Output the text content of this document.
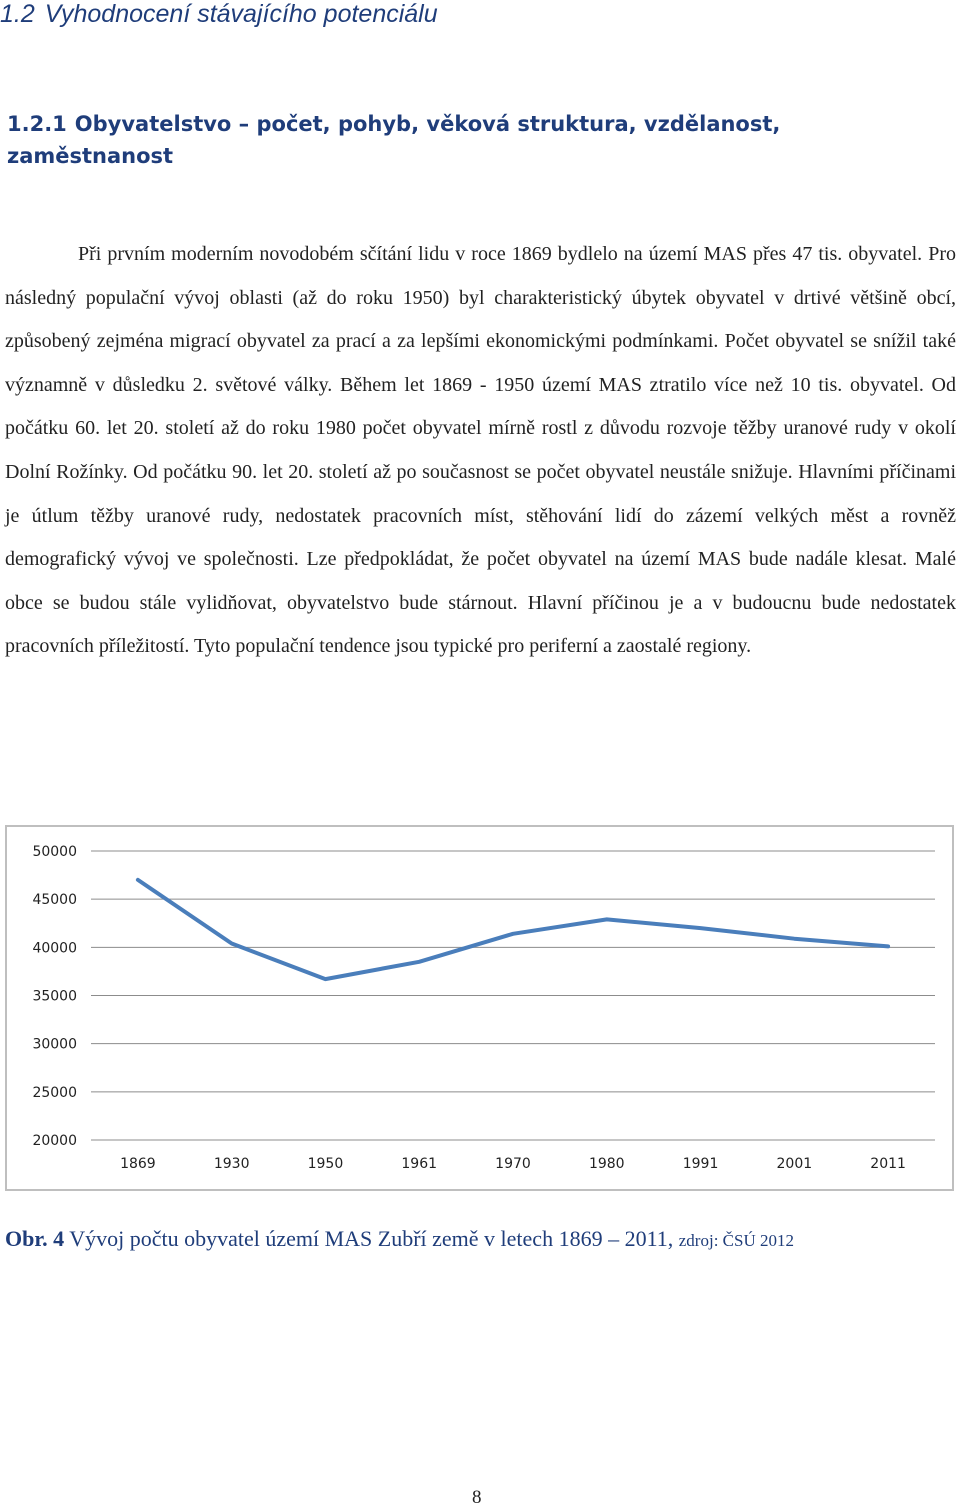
1.2 Vyhodnocení stávajícího potenciálu
1.2.1 Obyvatelstvo – počet, pohyb, věková struktura, vzdělanost, zaměstnanost

Při prvním moderním novodobém sčítání lidu v roce 1869 bydlelo na území MAS přes 47 tis. obyvatel. Pro následný populační vývoj oblasti (až do roku 1950) byl charakteristický úbytek obyvatel v drtivé většině obcí, způsobený zejména migrací obyvatel za prací a za lepšími ekonomickými podmínkami. Počet obyvatel se snížil také významně v důsledku 2. světové války. Během let 1869 - 1950 území MAS ztratilo více než 10 tis. obyvatel. Od počátku 60. let 20. století až do roku 1980 počet obyvatel mírně rostl z důvodu rozvoje těžby uranové rudy v okolí Dolní Rožínky. Od počátku 90. let 20. století až po současnost se počet obyvatel neustále snižuje. Hlavními příčinami je útlum těžby uranové rudy, nedostatek pracovních míst, stěhování lidí do zázemí velkých měst a rovněž demografický vývoj ve společnosti. Lze předpokládat, že počet obyvatel na území MAS bude nadále klesat. Malé obce se budou stále vylidňovat, obyvatelstvo bude stárnout. Hlavní příčinou je a v budoucnu bude nedostatek pracovních příležitostí. Tyto populační tendence jsou typické pro periferní a zaostalé regiony.

20000
25000
30000
35000
40000
45000
50000
1869	1930	1950	1961	1970	1980	1991	2001	2011

Obr. 4 Vývoj počtu obyvatel území MAS Zubří země v letech 1869 – 2011, zdroj: ČSÚ 2012

8
